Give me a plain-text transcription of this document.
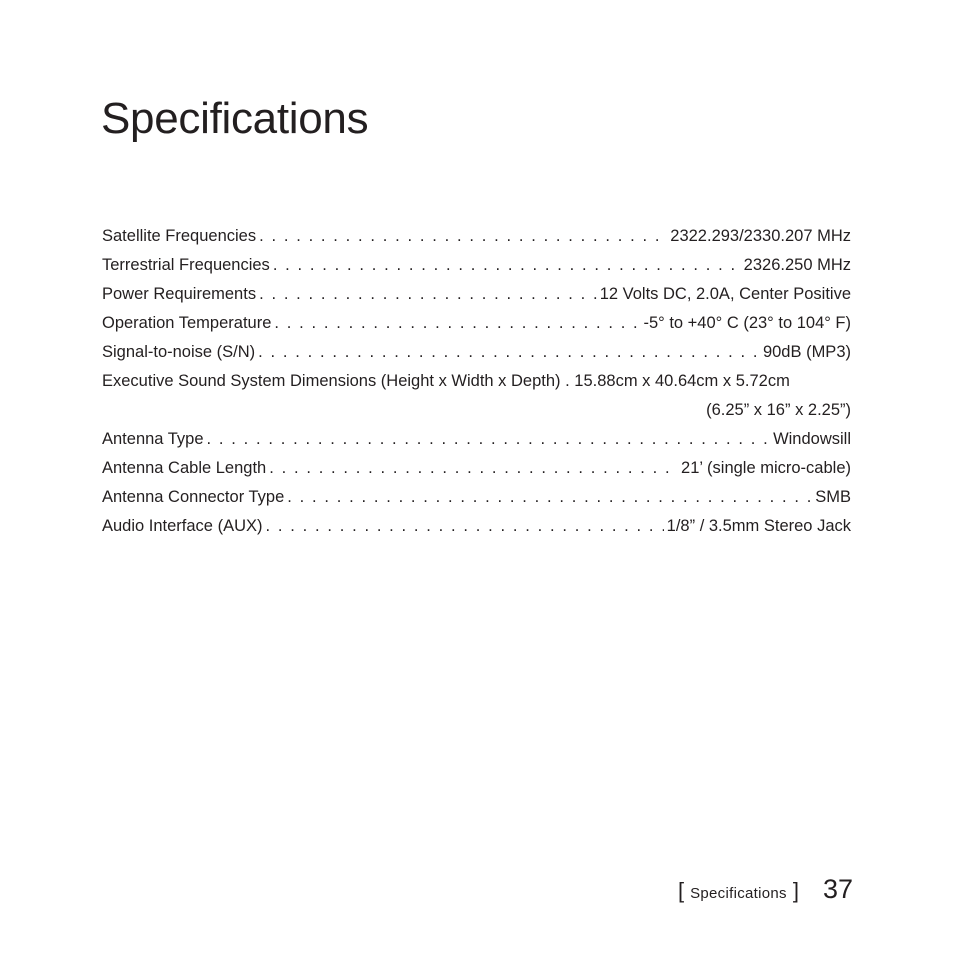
Specifications
Satellite Frequencies . . .	2322.293/2330.207 MHz
Terrestrial Frequencies . . .	2326.250 MHz
Power Requirements . . .	12 Volts DC, 2.0A, Center Positive
Operation Temperature . . .	-5° to +40° C (23° to 104° F)
Signal-to-noise (S/N) . . .	90dB (MP3)
Executive Sound System Dimensions (Height x Width x Depth) . 15.88cm x 40.64cm x 5.72cm
(6.25” x 16” x 2.25”)
Antenna Type . . .	Windowsill
Antenna Cable Length . . .	21’ (single micro-cable)
Antenna Connector Type . . .	SMB
Audio Interface (AUX) . . .	1/8” / 3.5mm Stereo Jack
[ Specifications ] 37
